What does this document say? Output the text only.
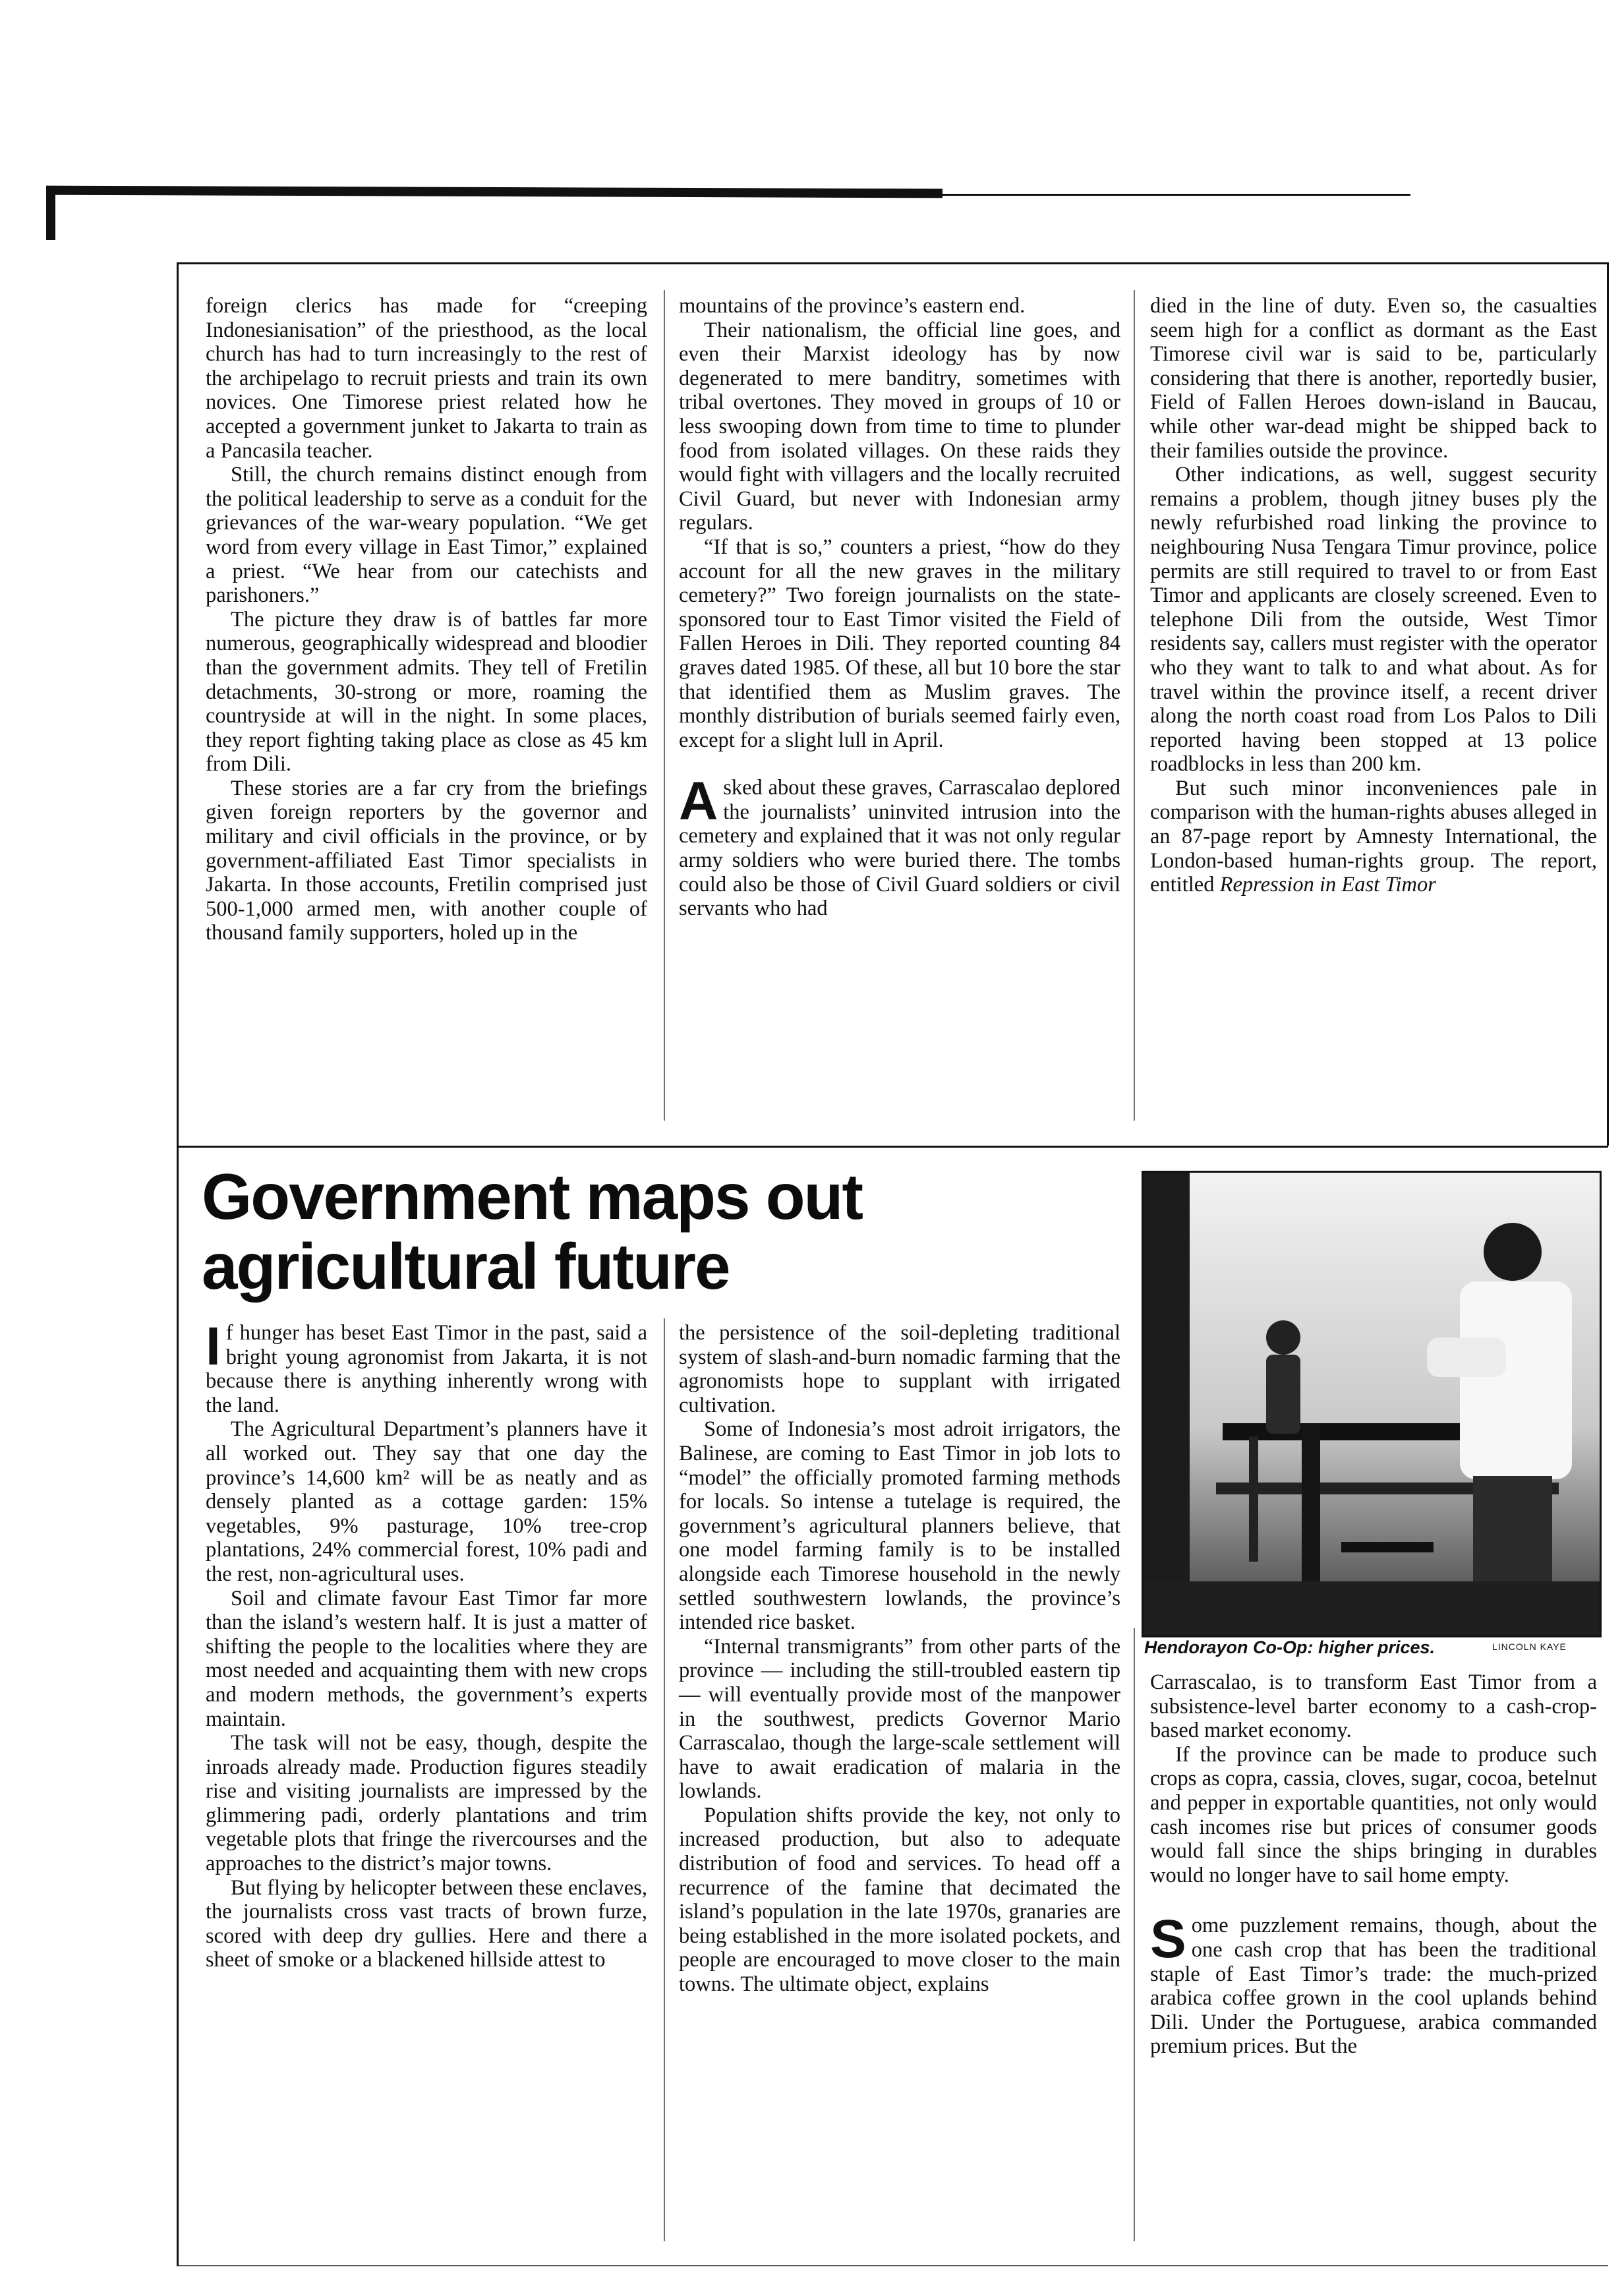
foreign clerics has made for “creeping Indonesianisation” of the priesthood, as the local church has had to turn increasingly to the rest of the archipelago to recruit priests and train its own novices. One Timorese priest related how he accepted a government junket to Jakarta to train as a Pancasila teacher.

Still, the church remains distinct enough from the political leadership to serve as a conduit for the grievances of the war-weary population. “We get word from every village in East Timor,” explained a priest. “We hear from our catechists and parishoners.”

The picture they draw is of battles far more numerous, geographically widespread and bloodier than the government admits. They tell of Fretilin detachments, 30-strong or more, roaming the countryside at will in the night. In some places, they report fighting taking place as close as 45 km from Dili.

These stories are a far cry from the briefings given foreign reporters by the governor and military and civil officials in the province, or by government-affiliated East Timor specialists in Jakarta. In those accounts, Fretilin comprised just 500-1,000 armed men, with another couple of thousand family supporters, holed up in the

mountains of the province’s eastern end.

Their nationalism, the official line goes, and even their Marxist ideology has by now degenerated to mere banditry, sometimes with tribal overtones. They moved in groups of 10 or less swooping down from time to time to plunder food from isolated villages. On these raids they would fight with villagers and the locally recruited Civil Guard, but never with Indonesian army regulars.

“If that is so,” counters a priest, “how do they account for all the new graves in the military cemetery?” Two foreign journalists on the state-sponsored tour to East Timor visited the Field of Fallen Heroes in Dili. They reported counting 84 graves dated 1985. Of these, all but 10 bore the star that identified them as Muslim graves. The monthly distribution of burials seemed fairly even, except for a slight lull in April.

Asked about these graves, Carrascalao deplored the journalists’ uninvited intrusion into the cemetery and explained that it was not only regular army soldiers who were buried there. The tombs could also be those of Civil Guard soldiers or civil servants who had

died in the line of duty. Even so, the casualties seem high for a conflict as dormant as the East Timorese civil war is said to be, particularly considering that there is another, reportedly busier, Field of Fallen Heroes down-island in Baucau, while other war-dead might be shipped back to their families outside the province.

Other indications, as well, suggest security remains a problem, though jitney buses ply the newly refurbished road linking the province to neighbouring Nusa Tengara Timur province, police permits are still required to travel to or from East Timor and applicants are closely screened. Even to telephone Dili from the outside, West Timor residents say, callers must register with the operator who they want to talk to and what about. As for travel within the province itself, a recent driver along the north coast road from Los Palos to Dili reported having been stopped at 13 police roadblocks in less than 200 km.

But such minor inconveniences pale in comparison with the human-rights abuses alleged in an 87-page report by Amnesty International, the London-based human-rights group. The report, entitled Repression in East Timor

Government maps out
agricultural future

If hunger has beset East Timor in the past, said a bright young agronomist from Jakarta, it is not because there is anything inherently wrong with the land.

The Agricultural Department’s planners have it all worked out. They say that one day the province’s 14,600 km² will be as neatly and as densely planted as a cottage garden: 15% vegetables, 9% pasturage, 10% tree-crop plantations, 24% commercial forest, 10% padi and the rest, non-agricultural uses.

Soil and climate favour East Timor far more than the island’s western half. It is just a matter of shifting the people to the localities where they are most needed and acquainting them with new crops and modern methods, the government’s experts maintain.

The task will not be easy, though, despite the inroads already made. Production figures steadily rise and visiting journalists are impressed by the glimmering padi, orderly plantations and trim vegetable plots that fringe the rivercourses and the approaches to the district’s major towns.

But flying by helicopter between these enclaves, the journalists cross vast tracts of brown furze, scored with deep dry gullies. Here and there a sheet of smoke or a blackened hillside attest to

the persistence of the soil-depleting traditional system of slash-and-burn nomadic farming that the agronomists hope to supplant with irrigated cultivation.

Some of Indonesia’s most adroit irrigators, the Balinese, are coming to East Timor in job lots to “model” the officially promoted farming methods for locals. So intense a tutelage is required, the government’s agricultural planners believe, that one model farming family is to be installed alongside each Timorese household in the newly settled southwestern lowlands, the province’s intended rice basket.

“Internal transmigrants” from other parts of the province — including the still-troubled eastern tip — will eventually provide most of the manpower in the southwest, predicts Governor Mario Carrascalao, though the large-scale settlement will have to await eradication of malaria in the lowlands.

Population shifts provide the key, not only to increased production, but also to adequate distribution of food and services. To head off a recurrence of the famine that decimated the island’s population in the late 1970s, granaries are being established in the more isolated pockets, and people are encouraged to move closer to the main towns. The ultimate object, explains

Hendorayon Co-Op: higher prices.	LINCOLN KAYE

Carrascalao, is to transform East Timor from a subsistence-level barter economy to a cash-crop-based market economy.

If the province can be made to produce such crops as copra, cassia, cloves, sugar, cocoa, betelnut and pepper in exportable quantities, not only would cash incomes rise but prices of consumer goods would fall since the ships bringing in durables would no longer have to sail home empty.

Some puzzlement remains, though, about the one cash crop that has been the traditional staple of East Timor’s trade: the much-prized arabica coffee grown in the cool uplands behind Dili. Under the Portuguese, arabica commanded premium prices. But the
